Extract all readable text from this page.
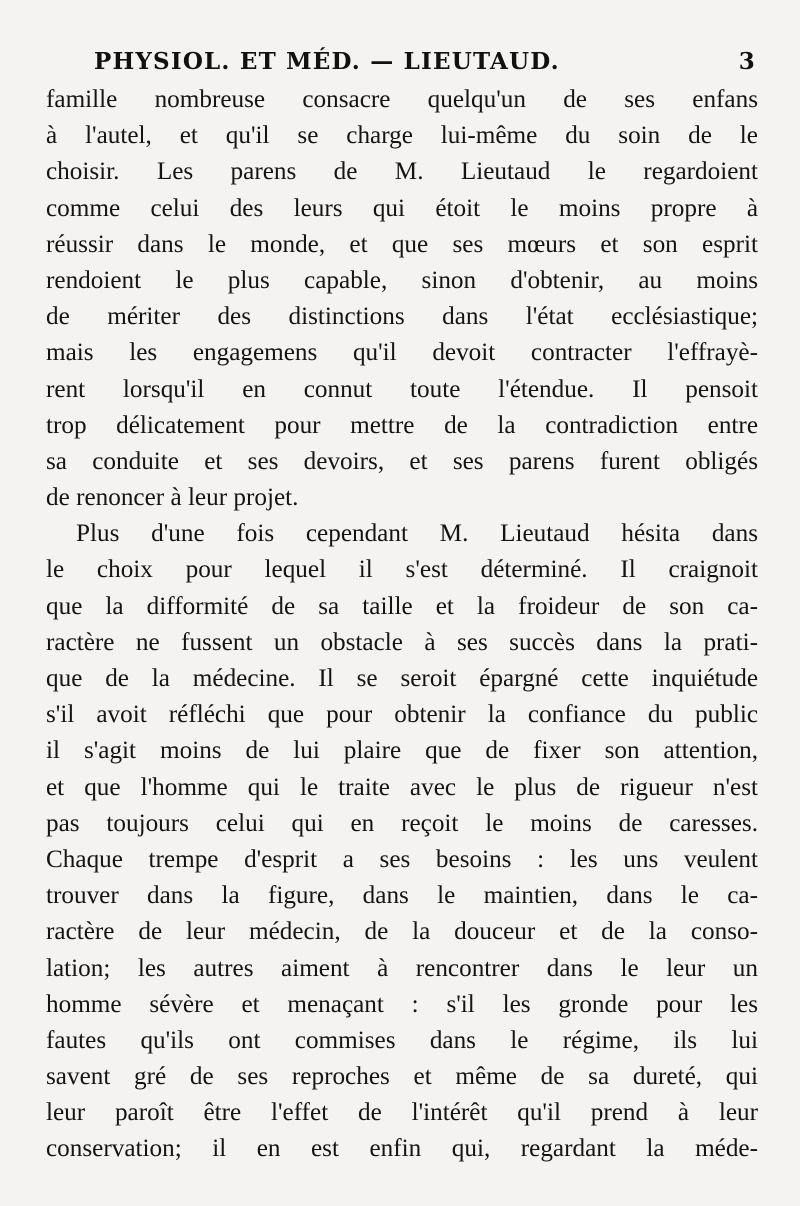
PHYSIOL. ET MÉD. — LIEUTAUD.	3
famille nombreuse consacre quelqu'un de ses enfans
à l'autel, et qu'il se charge lui-même du soin de le
choisir. Les parens de M. Lieutaud le regardoient
comme celui des leurs qui étoit le moins propre à
réussir dans le monde, et que ses mœurs et son esprit
rendoient le plus capable, sinon d'obtenir, au moins
de mériter des distinctions dans l'état ecclésiastique;
mais les engagemens qu'il devoit contracter l'effrayè-
rent lorsqu'il en connut toute l'étendue. Il pensoit
trop délicatement pour mettre de la contradiction entre
sa conduite et ses devoirs, et ses parens furent obligés
de renoncer à leur projet.
Plus d'une fois cependant M. Lieutaud hésita dans
le choix pour lequel il s'est déterminé. Il craignoit
que la difformité de sa taille et la froideur de son ca-
ractère ne fussent un obstacle à ses succès dans la prati-
que de la médecine. Il se seroit épargné cette inquiétude
s'il avoit réfléchi que pour obtenir la confiance du public
il s'agit moins de lui plaire que de fixer son attention,
et que l'homme qui le traite avec le plus de rigueur n'est
pas toujours celui qui en reçoit le moins de caresses.
Chaque trempe d'esprit a ses besoins : les uns veulent
trouver dans la figure, dans le maintien, dans le ca-
ractère de leur médecin, de la douceur et de la conso-
lation; les autres aiment à rencontrer dans le leur un
homme sévère et menaçant : s'il les gronde pour les
fautes qu'ils ont commises dans le régime, ils lui
savent gré de ses reproches et même de sa dureté, qui
leur paroît être l'effet de l'intérêt qu'il prend à leur
conservation; il en est enfin qui, regardant la méde-
